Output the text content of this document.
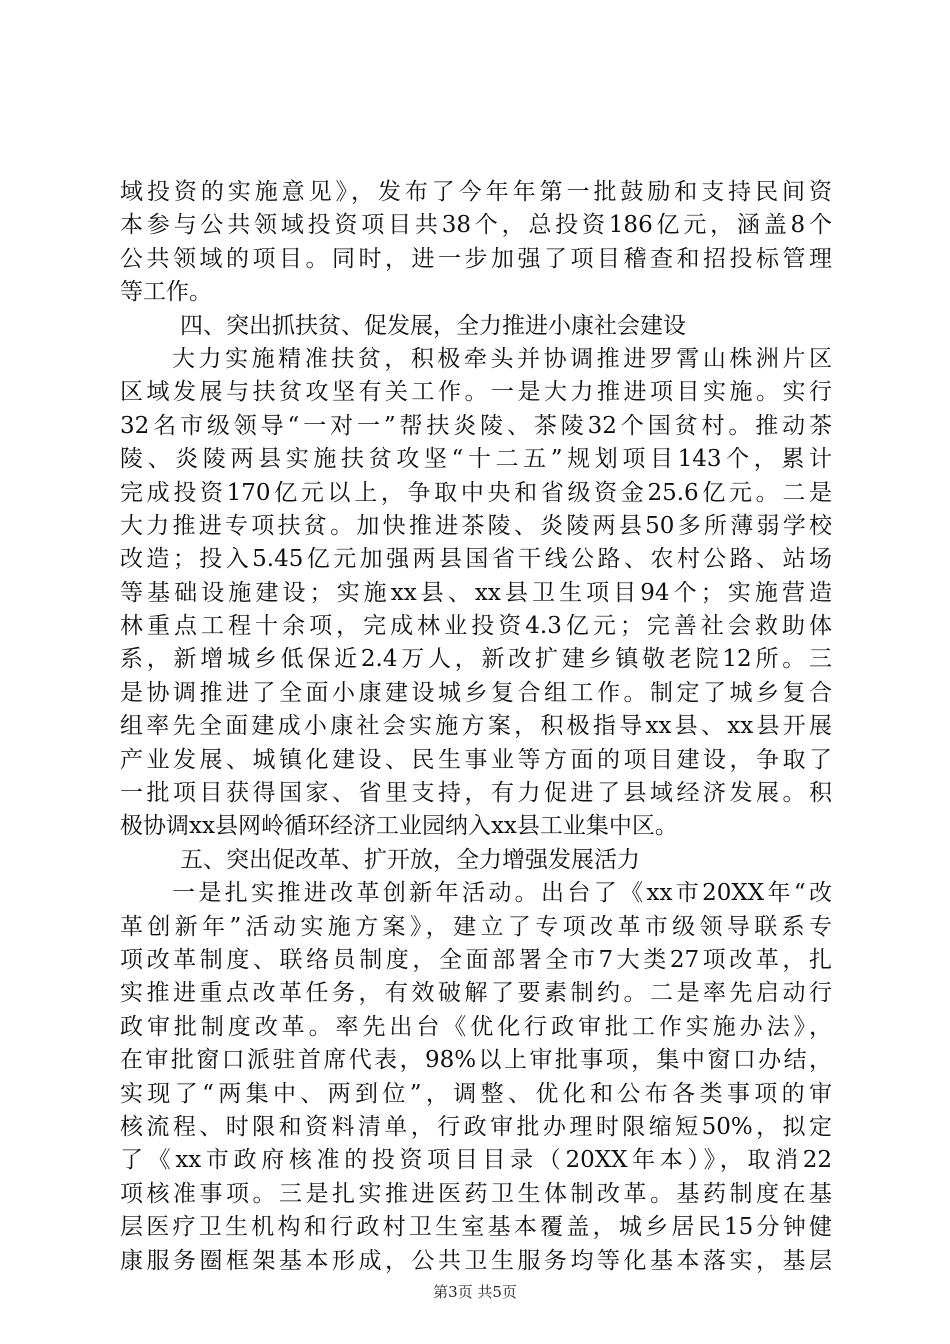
域投资的实施意见》，发布了今年年第一批鼓励和支持民间资
本参与公共领域投资项目共38个，总投资186亿元，涵盖8个
公共领域的项目。同时，进一步加强了项目稽查和招投标管理
等工作。
四、突出抓扶贫、促发展，全力推进小康社会建设
大力实施精准扶贫，积极牵头并协调推进罗霄山株洲片区
区域发展与扶贫攻坚有关工作。一是大力推进项目实施。实行
32名市级领导“一对一”帮扶炎陵、茶陵32个国贫村。推动茶
陵、炎陵两县实施扶贫攻坚“十二五”规划项目143个，累计
完成投资170亿元以上，争取中央和省级资金25.6亿元。二是
大力推进专项扶贫。加快推进茶陵、炎陵两县50多所薄弱学校
改造；投入5.45亿元加强两县国省干线公路、农村公路、站场
等基础设施建设；实施xx县、xx县卫生项目94个；实施营造
林重点工程十余项，完成林业投资4.3亿元；完善社会救助体
系，新增城乡低保近2.4万人，新改扩建乡镇敬老院12所。三
是协调推进了全面小康建设城乡复合组工作。制定了城乡复合
组率先全面建成小康社会实施方案，积极指导xx县、xx县开展
产业发展、城镇化建设、民生事业等方面的项目建设，争取了
一批项目获得国家、省里支持，有力促进了县域经济发展。积
极协调xx县网岭循环经济工业园纳入xx县工业集中区。
五、突出促改革、扩开放，全力增强发展活力
一是扎实推进改革创新年活动。出台了《xx市20XX年“改
革创新年”活动实施方案》，建立了专项改革市级领导联系专
项改革制度、联络员制度，全面部署全市7大类27项改革，扎
实推进重点改革任务，有效破解了要素制约。二是率先启动行
政审批制度改革。率先出台《优化行政审批工作实施办法》，
在审批窗口派驻首席代表，98%以上审批事项，集中窗口办结，
实现了“两集中、两到位”，调整、优化和公布各类事项的审
核流程、时限和资料清单，行政审批办理时限缩短50%，拟定
了《xx市政府核准的投资项目目录（20XX年本）》，取消22
项核准事项。三是扎实推进医药卫生体制改革。基药制度在基
层医疗卫生机构和行政村卫生室基本覆盖，城乡居民15分钟健
康服务圈框架基本形成，公共卫生服务均等化基本落实，基层
第3页 共5页
